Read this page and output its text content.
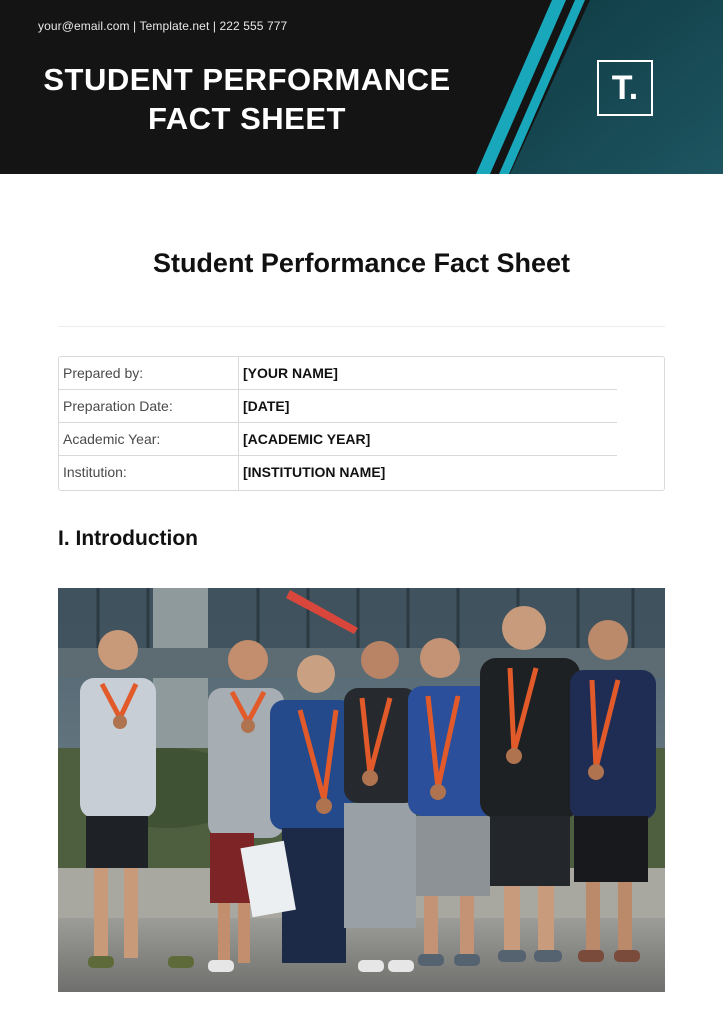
your@email.com | Template.net | 222 555 777
STUDENT PERFORMANCE
FACT SHEET
T.
Student Performance Fact Sheet
Prepared by:	[YOUR NAME]
Preparation Date:	[DATE]
Academic Year:	[ACADEMIC YEAR]
Institution:	[INSTITUTION NAME]
I. Introduction
